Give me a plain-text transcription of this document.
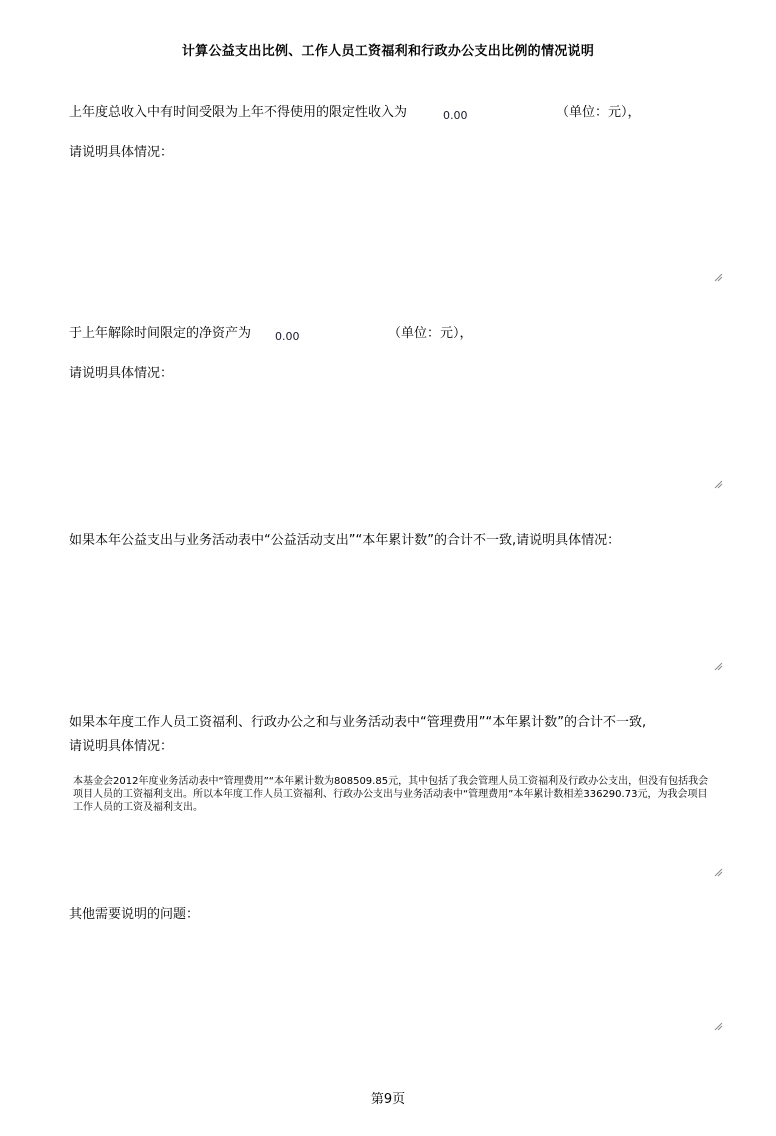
计算公益支出比例、工作人员工资福利和行政办公支出比例的情况说明
上年度总收入中有时间受限为上年不得使用的限定性收入为	0.00	（单位：元），
请说明具体情况：
于上年解除时间限定的净资产为 0.00	（单位：元），
请说明具体情况：
如果本年公益支出与业务活动表中“公益活动支出”“本年累计数”的合计不一致,请说明具体情况：
如果本年度工作人员工资福利、行政办公之和与业务活动表中“管理费用”“本年累计数”的合计不一致,
请说明具体情况：
本基金会2012年度业务活动表中“管理费用”“本年累计数为808509.85元，其中包括了我会管理人员工资福利及行政办公支出，但没有包括我会项目人员的工资福利支出。所以本年度工作人员工资福利、行政办公支出与业务活动表中“管理费用”本年累计数相差336290.73元，为我会项目工作人员的工资及福利支出。
其他需要说明的问题：
第9页
